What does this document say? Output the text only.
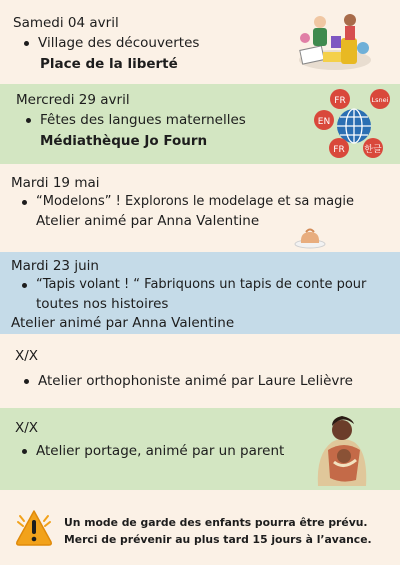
Samedi 04 avril
Village des découvertes
Place de la liberté
Mercredi 29 avril
Fêtes des langues maternelles
Médiathèque Jo Fourn
FR	Lsnei
EN
FR 한글
Mardi 19 mai
“Modelons” ! Explorons le modelage et sa magie
Atelier animé par Anna Valentine
Mardi 23 juin
“Tapis volant ! “ Fabriquons un tapis de conte pour
toutes nos histoires
Atelier animé par Anna Valentine
X/X
Atelier orthophoniste animé par Laure Lelièvre
X/X
Atelier portage, animé par un parent
Un mode de garde des enfants pourra être prévu.
Merci de prévenir au plus tard 15 jours à l’avance.
